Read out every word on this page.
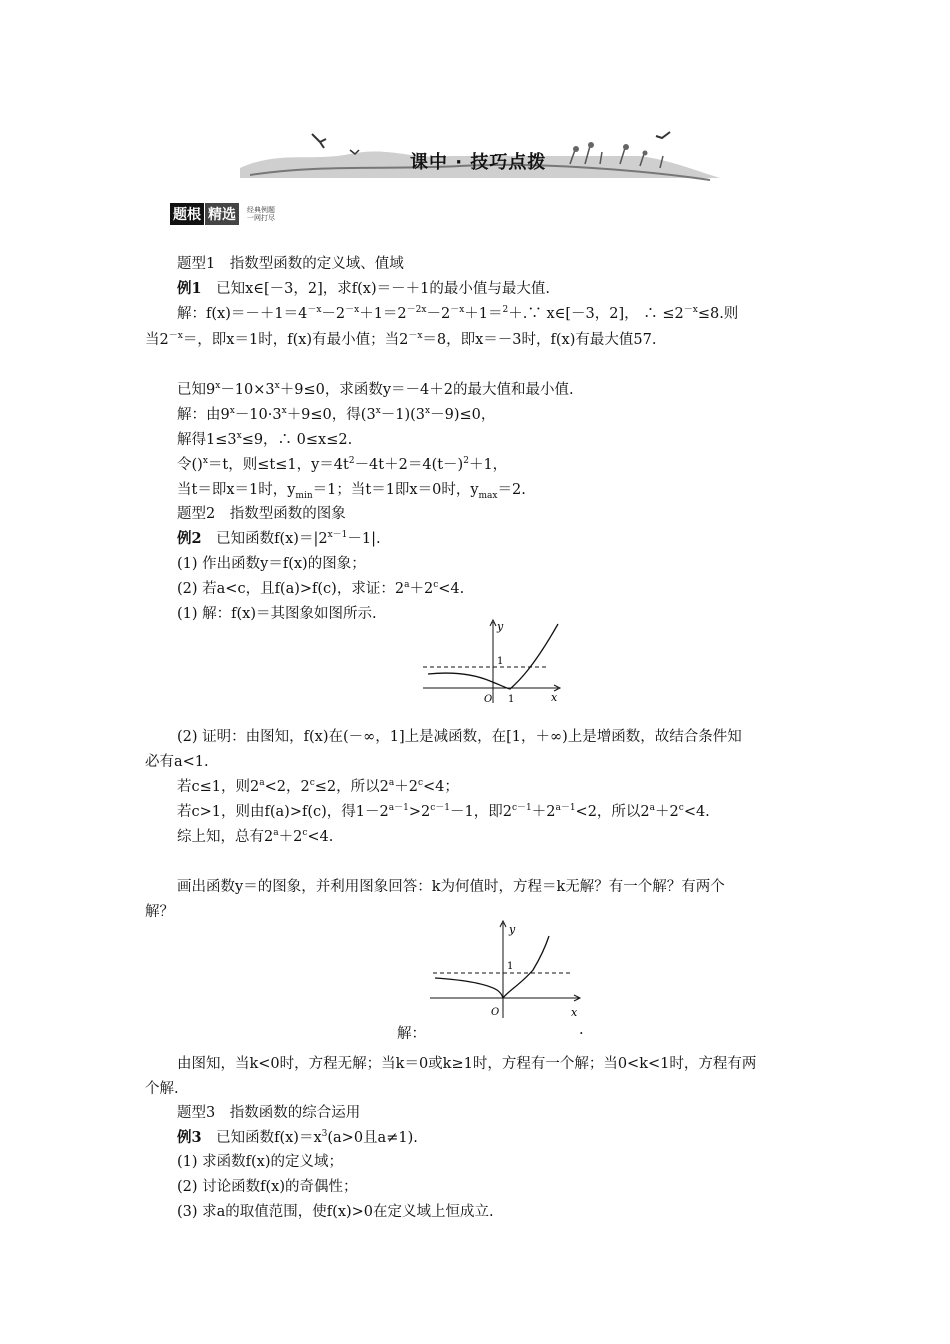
课中 · 技巧点拨
题根 精选	经典例题
一网打尽
题型1　指数型函数的定义域、值域
例1　已知x∈[－3，2]，求f(x)＝－＋1的最小值与最大值.
解：$f(x)=-+1=4^{-x}-2^{-x}+1=2^{-2x}-2^{-x}+1=^2+.\because$ x∈[－3，2]， ∴ $\le 2^{-x}\le 8$.则
当$2^{-x}=$，即x＝1时，f(x)有最小值；当$2^{-x}=8$，即x＝－3时，f(x)有最大值57.
已知$9^x-10\times 3^x+9\le 0$，求函数y＝－4＋2的最大值和最小值.
解：由$9^x-10\cdot 3^x+9\le 0$，得$(3^x-1)(3^x-9)\le 0$，
解得$1\le 3^x\le 9$，∴ 0≤x≤2.
令()$^x$＝t，则≤t≤1，$y=4t^2-4t+2=4(t-)^2+1$，
当t＝即x＝1时，$y_{min}=1$；当t＝1即x＝0时，$y_{max}=2$.
题型2　指数型函数的图象
例2　已知函数$f(x)=|2^{x-1}-1|$.
(1) 作出函数y＝f(x)的图象；
(2) 若a<c，且f(a)>f(c)，求证：$2^a+2^c<4$.
(1) 解：f(x)＝其图象如图所示.
y
x
1
O 1
(2) 证明：由图知，f(x)在(－∞，1]上是减函数，在[1，＋∞)上是增函数，故结合条件知
必有a<1.
若c≤1，则$2^a<2$，$2^c\le 2$，所以$2^a+2^c<4$；
若c>1，则由f(a)>f(c)，得$1-2^{a-1}>2^{c-1}-1$，即$2^{c-1}+2^{a-1}<2$，所以$2^a+2^c<4$.
综上知，总有$2^a+2^c<4$.
画出函数y＝的图象，并利用图象回答：k为何值时，方程＝k无解？有一个解？有两个
解？
y
x
1
O
解：	.
由图知，当k<0时，方程无解；当k＝0或k≥1时，方程有一个解；当0<k<1时，方程有两
个解.
题型3　指数函数的综合运用
例3　已知函数$f(x)=x^3(a>0$且a≠1).
(1) 求函数f(x)的定义域；
(2) 讨论函数f(x)的奇偶性；
(3) 求a的取值范围，使f(x)>0在定义域上恒成立.
